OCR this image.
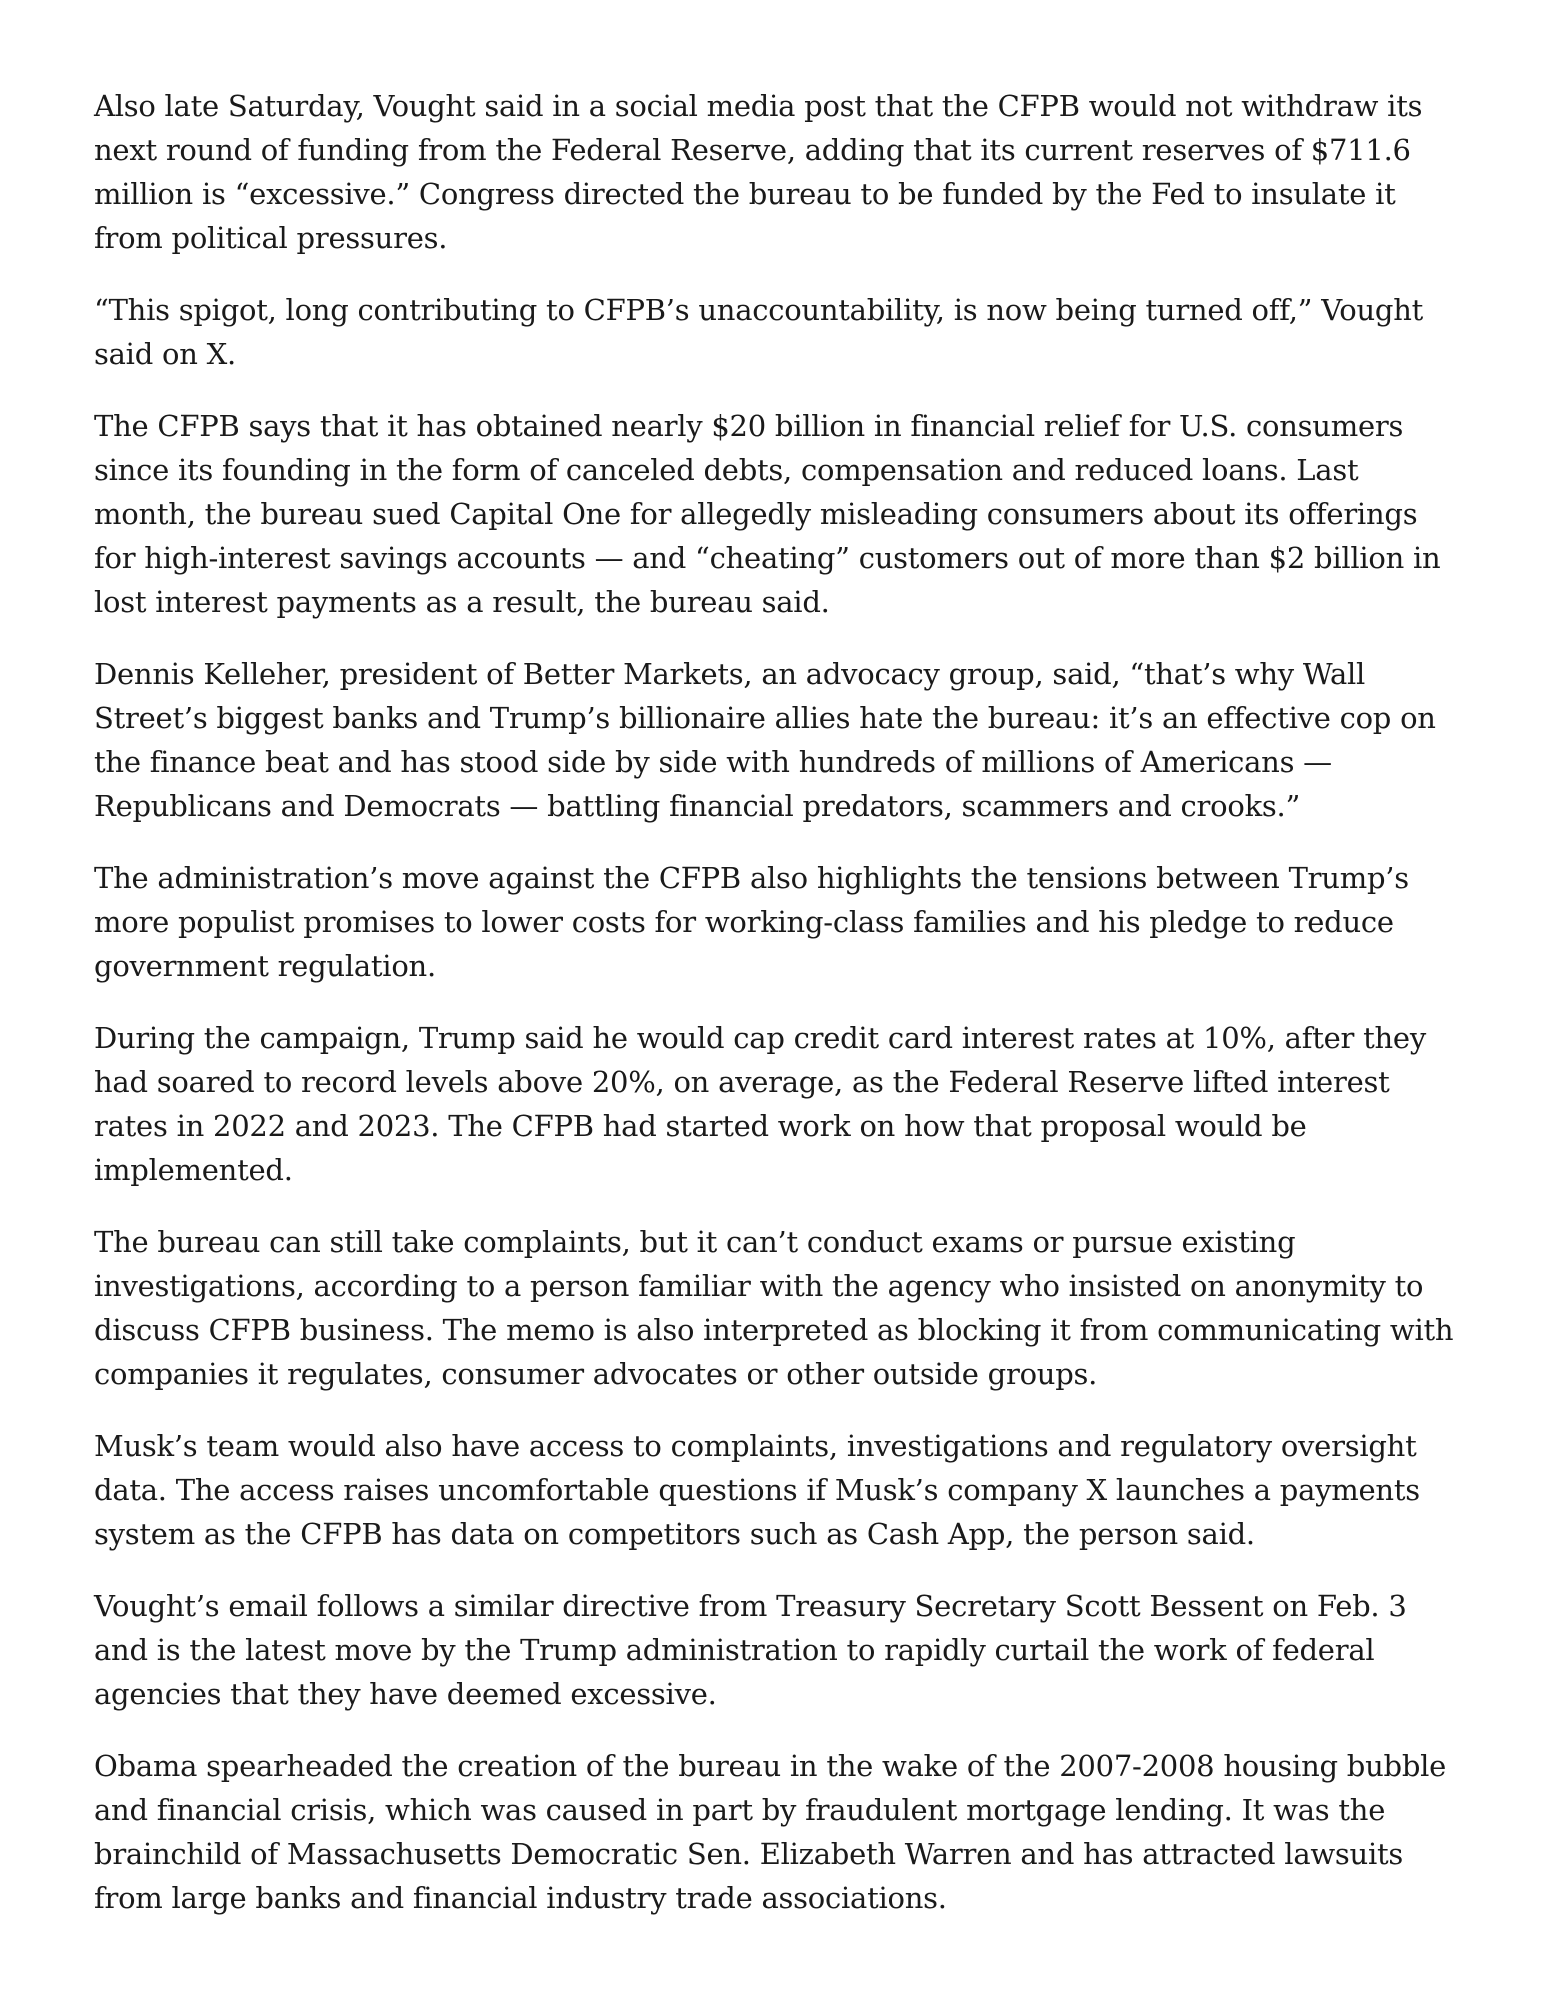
Also late Saturday, Vought said in a social media post that the CFPB would not withdraw its next round of funding from the Federal Reserve, adding that its current reserves of $711.6 million is “excessive.” Congress directed the bureau to be funded by the Fed to insulate it from political pressures.

“This spigot, long contributing to CFPB’s unaccountability, is now being turned off,” Vought said on X.

The CFPB says that it has obtained nearly $20 billion in financial relief for U.S. consumers since its founding in the form of canceled debts, compensation and reduced loans. Last month, the bureau sued Capital One for allegedly misleading consumers about its offerings for high-interest savings accounts — and “cheating” customers out of more than $2 billion in lost interest payments as a result, the bureau said.

Dennis Kelleher, president of Better Markets, an advocacy group, said, “that’s why Wall Street’s biggest banks and Trump’s billionaire allies hate the bureau: it’s an effective cop on the finance beat and has stood side by side with hundreds of millions of Americans — Republicans and Democrats — battling financial predators, scammers and crooks.”

The administration’s move against the CFPB also highlights the tensions between Trump’s more populist promises to lower costs for working-class families and his pledge to reduce government regulation.

During the campaign, Trump said he would cap credit card interest rates at 10%, after they had soared to record levels above 20%, on average, as the Federal Reserve lifted interest rates in 2022 and 2023. The CFPB had started work on how that proposal would be implemented.

The bureau can still take complaints, but it can’t conduct exams or pursue existing investigations, according to a person familiar with the agency who insisted on anonymity to discuss CFPB business. The memo is also interpreted as blocking it from communicating with companies it regulates, consumer advocates or other outside groups.

Musk’s team would also have access to complaints, investigations and regulatory oversight data. The access raises uncomfortable questions if Musk’s company X launches a payments system as the CFPB has data on competitors such as Cash App, the person said.

Vought’s email follows a similar directive from Treasury Secretary Scott Bessent on Feb. 3 and is the latest move by the Trump administration to rapidly curtail the work of federal agencies that they have deemed excessive.

Obama spearheaded the creation of the bureau in the wake of the 2007-2008 housing bubble and financial crisis, which was caused in part by fraudulent mortgage lending. It was the brainchild of Massachusetts Democratic Sen. Elizabeth Warren and has attracted lawsuits from large banks and financial industry trade associations.
